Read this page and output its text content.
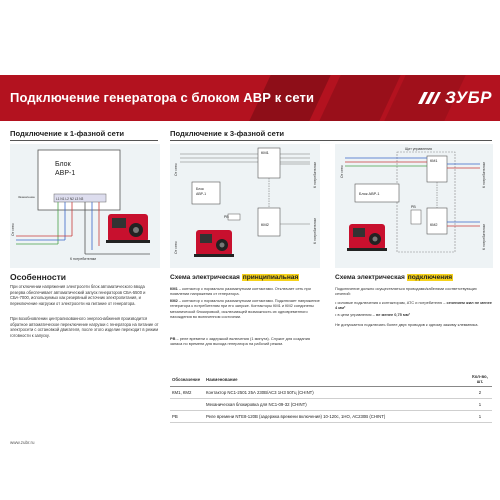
Подключение генератора с блоком АВР к сети	ЗУБР
Подключение к 1-фазной сети	Подключение к 3-фазной сети
Блок
АВР-1
L1 N1 L2 N2 L3 N3
Заземление
От сети
К потребителям
От сети
От сети
К потребителям
К потребителям
КМ1
КМ2
Блок
АВР-1
РВ
Щит управления
КМ1
КМ2
Блок АВР-1
РВ
От сети	К потребителям
К потребителям
Особенности
При отключении напряжения электросети блок автоматического ввода резерва обеспечивает автоматический запуск генераторов СБА-5500 и СБА-7000, используемых как резервный источник электропитания, и переключение нагрузки от электросети на питание от генератора.
При возобновлении централизованного энергоснабжения производится обратное автоматическое переключение нагрузки с генератора на питание от электросети с остановкой двигателя, после этого изделие переходит в режим готовности к запуску.
Схема электрическая принципиальная
КМ1 – контактор с нормально разомкнутыми контактами. Отключает сеть при появлении напряжения от генератора.
КМ2 – контактор с нормально разомкнутыми контактами. Подключает напряжение генератора к потребителям при его запуске. Контакторы КМ1 и КМ2 соединены механической блокировкой, исключающей возможность их одновременного нахождения во включенном состоянии.
РВ – реле времени с задержкой включения (1 минута). Служит для создания запаса по времени для выхода генератора на рабочий режим.
Схема электрическая подключения
Подключение должно осуществляться проводами/кабелями соответствующих сечений:
• силовые подключения к контакторам, АТС и потребителю – сечением жил не менее 4 мм²
• в цепи управления – не менее 0,75 мм²
Не допускается подключать более двух проводов к одному зажиму клеммника.
Обозначение	Наименование	Кол-во, шт.
КМ1, КМ2	Контактор NC1-2501 25А 230В/АС3 1НЗ 50Гц (CHINT)	2
	Механическая блокировка для NC1-09-32 (CHINT)	1
РВ	Реле времени NTE8-120B (задержка времени включения) 10-120с, 1НО, АС230В (CHINT)	1
www.zubr.ru
